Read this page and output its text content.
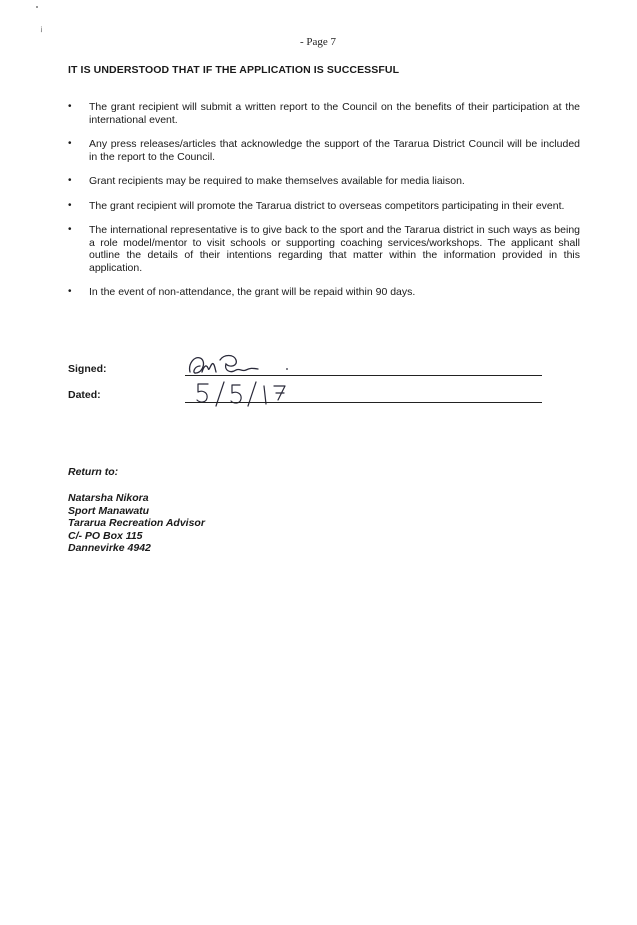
¡
- Page 7
IT IS UNDERSTOOD THAT IF THE APPLICATION IS SUCCESSFUL
• The grant recipient will submit a written report to the Council on the benefits of their participation at the international event.
• Any press releases/articles that acknowledge the support of the Tararua District Council will be included in the report to the Council.
• Grant recipients may be required to make themselves available for media liaison.
• The grant recipient will promote the Tararua district to overseas competitors participating in their event.
• The international representative is to give back to the sport and the Tararua district in such ways as being a role model/mentor to visit schools or supporting coaching services/workshops. The applicant shall outline the details of their intentions regarding that matter within the information provided in this application.
• In the event of non-attendance, the grant will be repaid within 90 days.
Signed:
Dated:
Return to:
Natarsha Nikora
Sport Manawatu
Tararua Recreation Advisor
C/- PO Box 115
Dannevirke 4942
